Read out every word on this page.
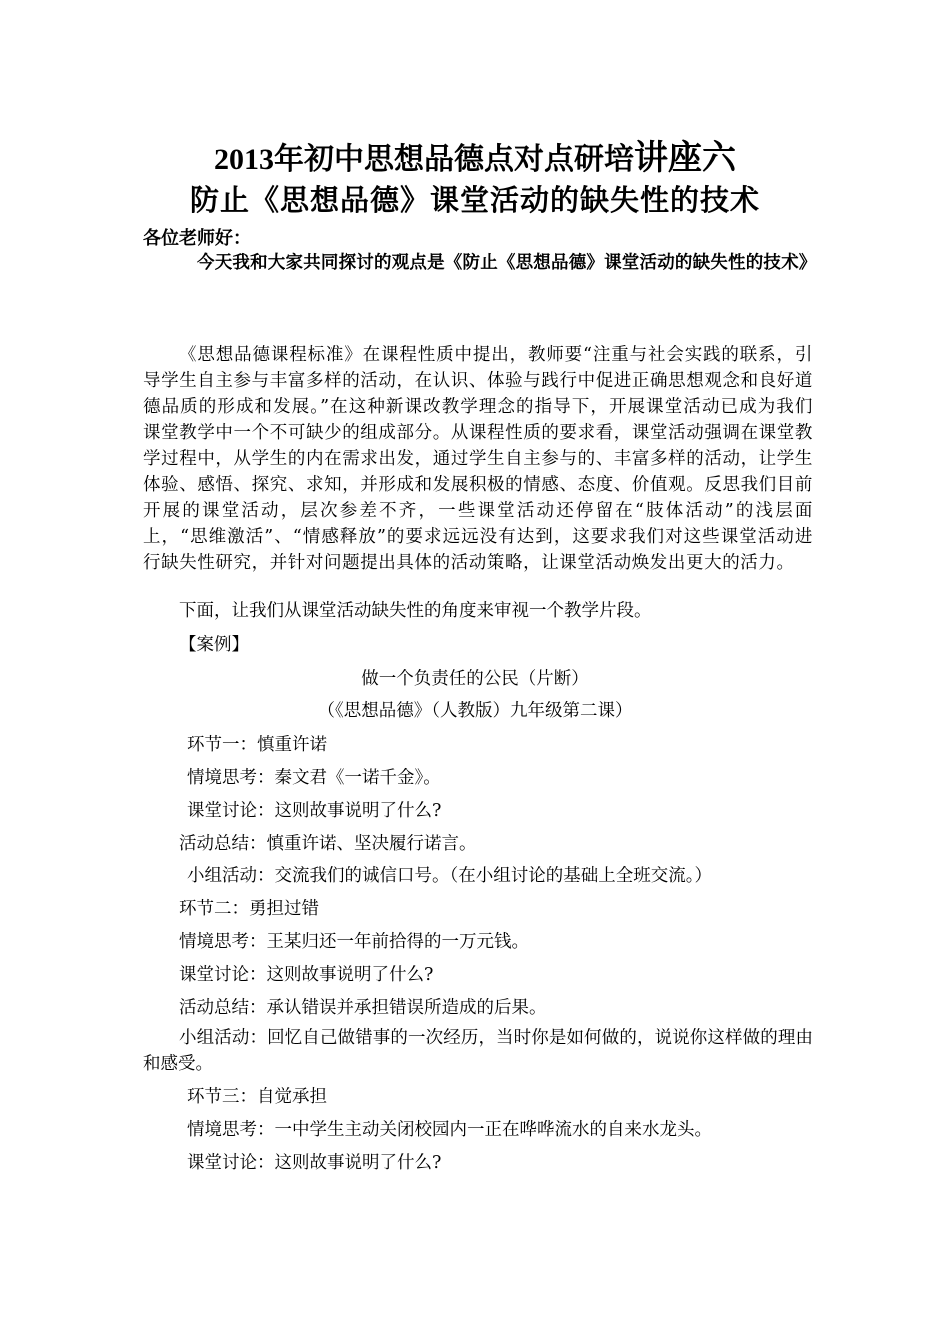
2013年初中思想品德点对点研培讲座六
防止《思想品德》课堂活动的缺失性的技术
各位老师好：
今天我和大家共同探讨的观点是《防止《思想品德》课堂活动的缺失性的技术》
《思想品德课程标准》在课程性质中提出，教师要“注重与社会实践的联系，引导学生自主参与丰富多样的活动，在认识、体验与践行中促进正确思想观念和良好道德品质的形成和发展。”在这种新课改教学理念的指导下，开展课堂活动已成为我们课堂教学中一个不可缺少的组成部分。从课程性质的要求看，课堂活动强调在课堂教学过程中，从学生的内在需求出发，通过学生自主参与的、丰富多样的活动，让学生体验、感悟、探究、求知，并形成和发展积极的情感、态度、价值观。反思我们目前开展的课堂活动，层次参差不齐，一些课堂活动还停留在“肢体活动”的浅层面上，“思维激活”、“情感释放”的要求远远没有达到，这要求我们对这些课堂活动进行缺失性研究，并针对问题提出具体的活动策略，让课堂活动焕发出更大的活力。
下面，让我们从课堂活动缺失性的角度来审视一个教学片段。
【案例】
做一个负责任的公民（片断）
（《思想品德》（人教版）九年级第二课）
环节一：慎重许诺
情境思考：秦文君《一诺千金》。
课堂讨论：这则故事说明了什么?
活动总结：慎重许诺、坚决履行诺言。
小组活动：交流我们的诚信口号。（在小组讨论的基础上全班交流。）
环节二：勇担过错
情境思考：王某归还一年前拾得的一万元钱。
课堂讨论：这则故事说明了什么?
活动总结：承认错误并承担错误所造成的后果。
小组活动：回忆自己做错事的一次经历，当时你是如何做的，说说你这样做的理由和感受。
环节三：自觉承担
情境思考：一中学生主动关闭校园内一正在哗哗流水的自来水龙头。
课堂讨论：这则故事说明了什么?
